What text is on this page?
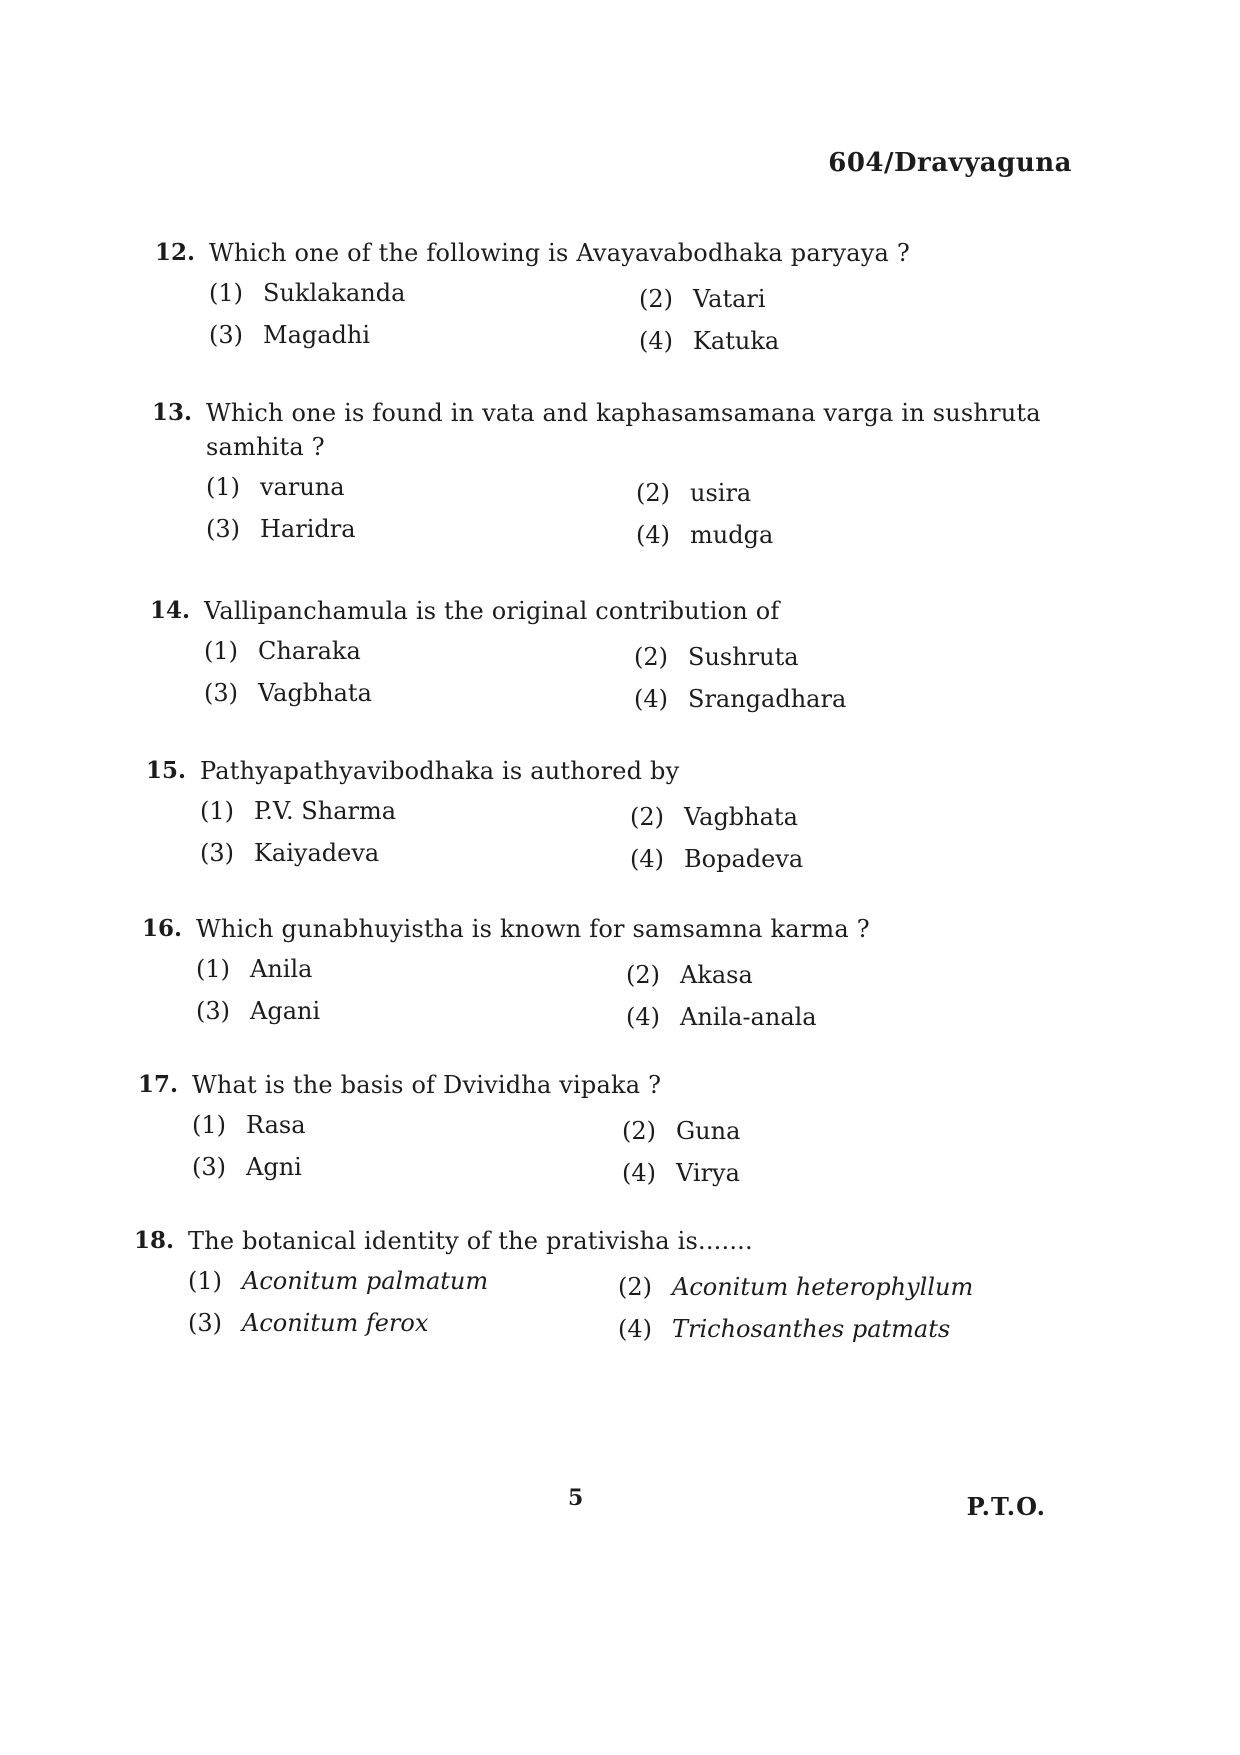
604/Dravyaguna
12. Which one of the following is Avayavabodhaka paryaya ?
(1) Suklakanda	(2) Vatari
(3) Magadhi	(4) Katuka
13. Which one is found in vata and kaphasamsamana varga in sushruta samhita ?
(1) varuna	(2) usira
(3) Haridra	(4) mudga
14. Vallipanchamula is the original contribution of
(1) Charaka	(2) Sushruta
(3) Vagbhata	(4) Srangadhara
15. Pathyapathyavibodhaka is authored by
(1) P.V. Sharma	(2) Vagbhata
(3) Kaiyadeva	(4) Bopadeva
16. Which gunabhuyistha is known for samsamna karma ?
(1) Anila	(2) Akasa
(3) Agani	(4) Anila-anala
17. What is the basis of Dvividha vipaka ?
(1) Rasa	(2) Guna
(3) Agni	(4) Virya
18. The botanical identity of the prativisha is.......
(1) Aconitum palmatum	(2) Aconitum heterophyllum
(3) Aconitum ferox	(4) Trichosanthes patmats
5	P.T.O.
